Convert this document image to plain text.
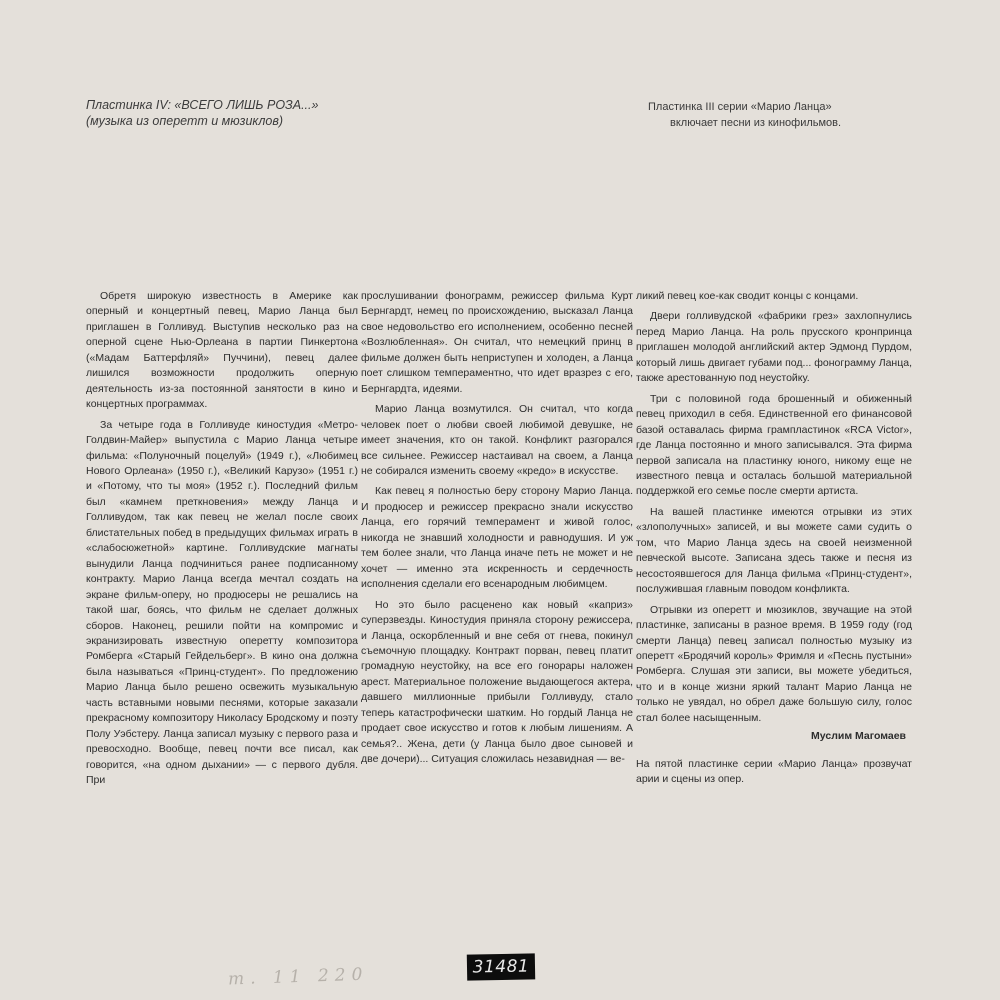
Пластинка IV: «ВСЕГО ЛИШЬ РОЗА...»
(музыка из оперетт и мюзиклов)
Пластинка III серии «Марио Ланца»
включает песни из кинофильмов.

Обретя широкую известность в Америке как оперный и концертный певец, Марио Ланца был приглашен в Голливуд. Выступив несколько раз на оперной сцене Нью-Орлеана в партии Пинкертона («Мадам Баттерфляй» Пуччини), певец далее лишился возможности продолжить оперную деятельность из-за постоянной занятости в кино и концертных программах.

За четыре года в Голливуде киностудия «Метро-Голдвин-Майер» выпустила с Марио Ланца четыре фильма: «Полуночный поцелуй» (1949 г.), «Любимец Нового Орлеана» (1950 г.), «Великий Карузо» (1951 г.) и «Потому, что ты моя» (1952 г.). Последний фильм был «камнем преткновения» между Ланца и Голливудом, так как певец не желал после своих блистательных побед в предыдущих фильмах играть в «слабосюжетной» картине. Голливудские магнаты вынудили Ланца подчиниться ранее подписанному контракту. Марио Ланца всегда мечтал создать на экране фильм-оперу, но продюсеры не решались на такой шаг, боясь, что фильм не сделает должных сборов. Наконец, решили пойти на компромис и экранизировать известную оперетту композитора Ромберга «Старый Гейдельберг». В кино она должна была называться «Принц-студент». По предложению Марио Ланца было решено освежить музыкальную часть вставными новыми песнями, которые заказали прекрасному композитору Николасу Бродскому и поэту Полу Уэбстеру. Ланца записал музыку с первого раза и превосходно. Вообще, певец почти все писал, как говорится, «на одном дыхании» — с первого дубля. При

прослушивании фонограмм, режиссер фильма Курт Бернгардт, немец по происхождению, высказал Ланца свое недовольство его исполнением, особенно песней «Возлюбленная». Он считал, что немецкий принц в фильме должен быть неприступен и холоден, а Ланца поет слишком темпераментно, что идет вразрез с его, Бернгардта, идеями.

Марио Ланца возмутился. Он считал, что когда человек поет о любви своей любимой девушке, не имеет значения, кто он такой. Конфликт разгорался все сильнее. Режиссер настаивал на своем, а Ланца не собирался изменить своему «кредо» в искусстве.

Как певец я полностью беру сторону Марио Ланца. И продюсер и режиссер прекрасно знали искусство Ланца, его горячий темперамент и живой голос, никогда не знавший холодности и равнодушия. И уж тем более знали, что Ланца иначе петь не может и не хочет — именно эта искренность и сердечность исполнения сделали его всенародным любимцем.

Но это было расценено как новый «каприз» суперзвезды. Киностудия приняла сторону режиссера, и Ланца, оскорбленный и вне себя от гнева, покинул съемочную площадку. Контракт порван, певец платит громадную неустойку, на все его гонорары наложен арест. Материальное положение выдающегося актера, давшего миллионные прибыли Голливуду, стало теперь катастрофически шатким. Но гордый Ланца не продает свое искусство и готов к любым лишениям. А семья?.. Жена, дети (у Ланца было двое сыновей и две дочери)... Ситуация сложилась незавидная — ве-

ликий певец кое-как сводит концы с концами.

Двери голливудской «фабрики грез» захлопнулись перед Марио Ланца. На роль прусского кронпринца приглашен молодой английский актер Эдмонд Пурдом, который лишь двигает губами под... фонограмму Ланца, также арестованную под неустойку.

Три с половиной года брошенный и обиженный певец приходил в себя. Единственной его финансовой базой оставалась фирма грампластинок «RCA Victor», где Ланца постоянно и много записывался. Эта фирма первой записала на пластинку юного, никому еще не известного певца и осталась большой материальной поддержкой его семье после смерти артиста.

На вашей пластинке имеются отрывки из этих «злополучных» записей, и вы можете сами судить о том, что Марио Ланца здесь на своей неизменной певческой высоте. Записана здесь также и песня из несостоявшегося для Ланца фильма «Принц-студент», послужившая главным поводом конфликта.

Отрывки из оперетт и мюзиклов, звучащие на этой пластинке, записаны в разное время. В 1959 году (год смерти Ланца) певец записал полностью музыку из оперетт «Бродячий король» Фримля и «Песнь пустыни» Ромберга. Слушая эти записи, вы можете убедиться, что и в конце жизни яркий талант Марио Ланца не только не увядал, но обрел даже большую силу, голос стал более насыщенным.

Муслим Магомаев

На пятой пластинке серии «Марио Ланца» прозвучат арии и сцены из опер.

т. 11 220	31481
